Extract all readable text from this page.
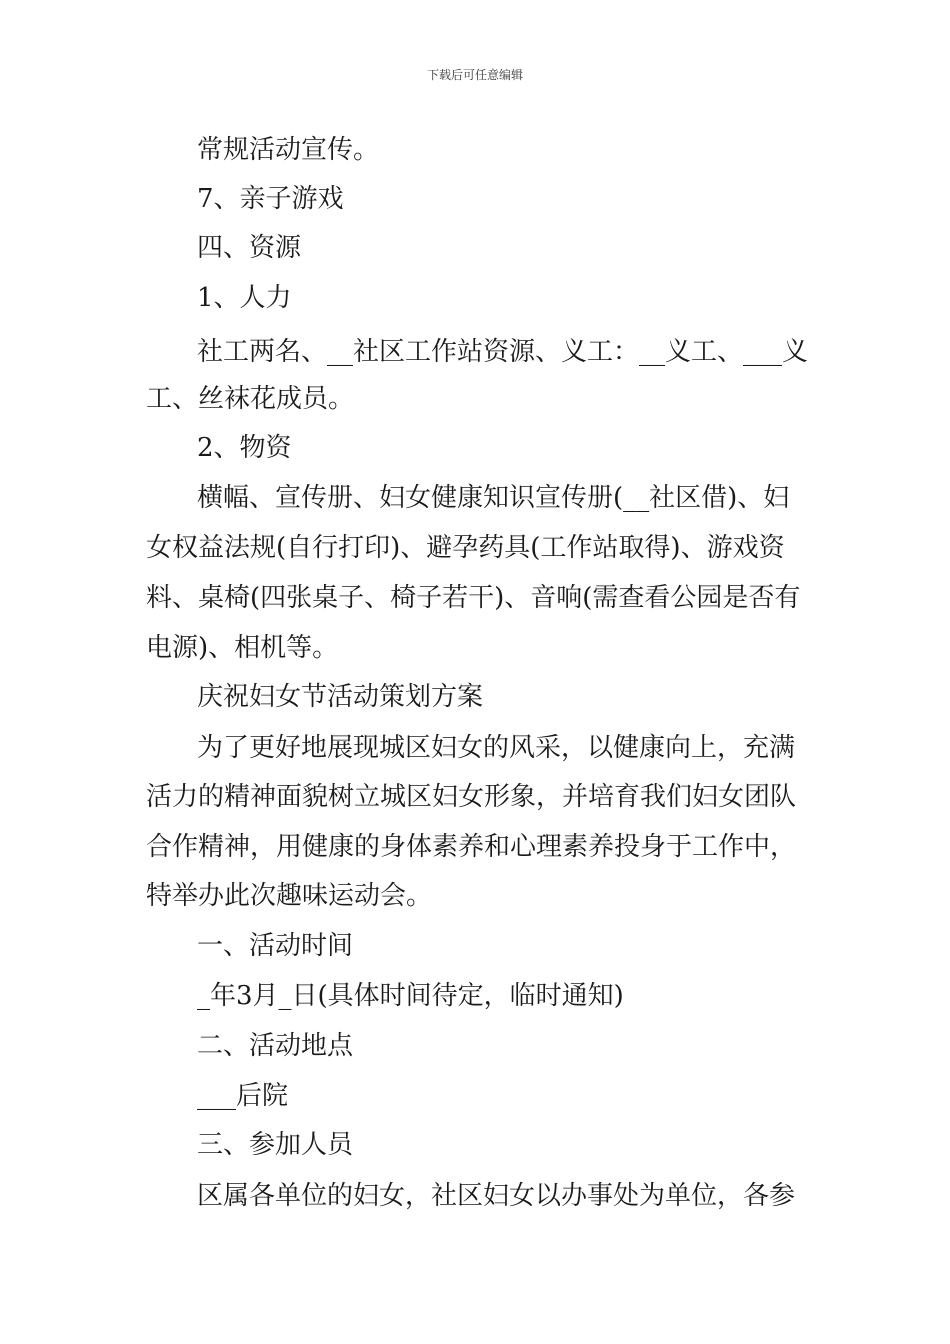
下载后可任意编辑
常规活动宣传。
7、亲子游戏
四、资源
1、人力
社工两名、__社区工作站资源、义工：__义工、___义
工、丝袜花成员。
2、物资
横幅、宣传册、妇女健康知识宣传册(__社区借)、妇
女权益法规(自行打印)、避孕药具(工作站取得)、游戏资
料、桌椅(四张桌子、椅子若干)、音响(需查看公园是否有
电源)、相机等。
庆祝妇女节活动策划方案
为了更好地展现城区妇女的风采，以健康向上，充满
活力的精神面貌树立城区妇女形象，并培育我们妇女团队
合作精神，用健康的身体素养和心理素养投身于工作中，
特举办此次趣味运动会。
一、活动时间
_年3月_日(具体时间待定，临时通知)
二、活动地点
___后院
三、参加人员
区属各单位的妇女，社区妇女以办事处为单位，各参
